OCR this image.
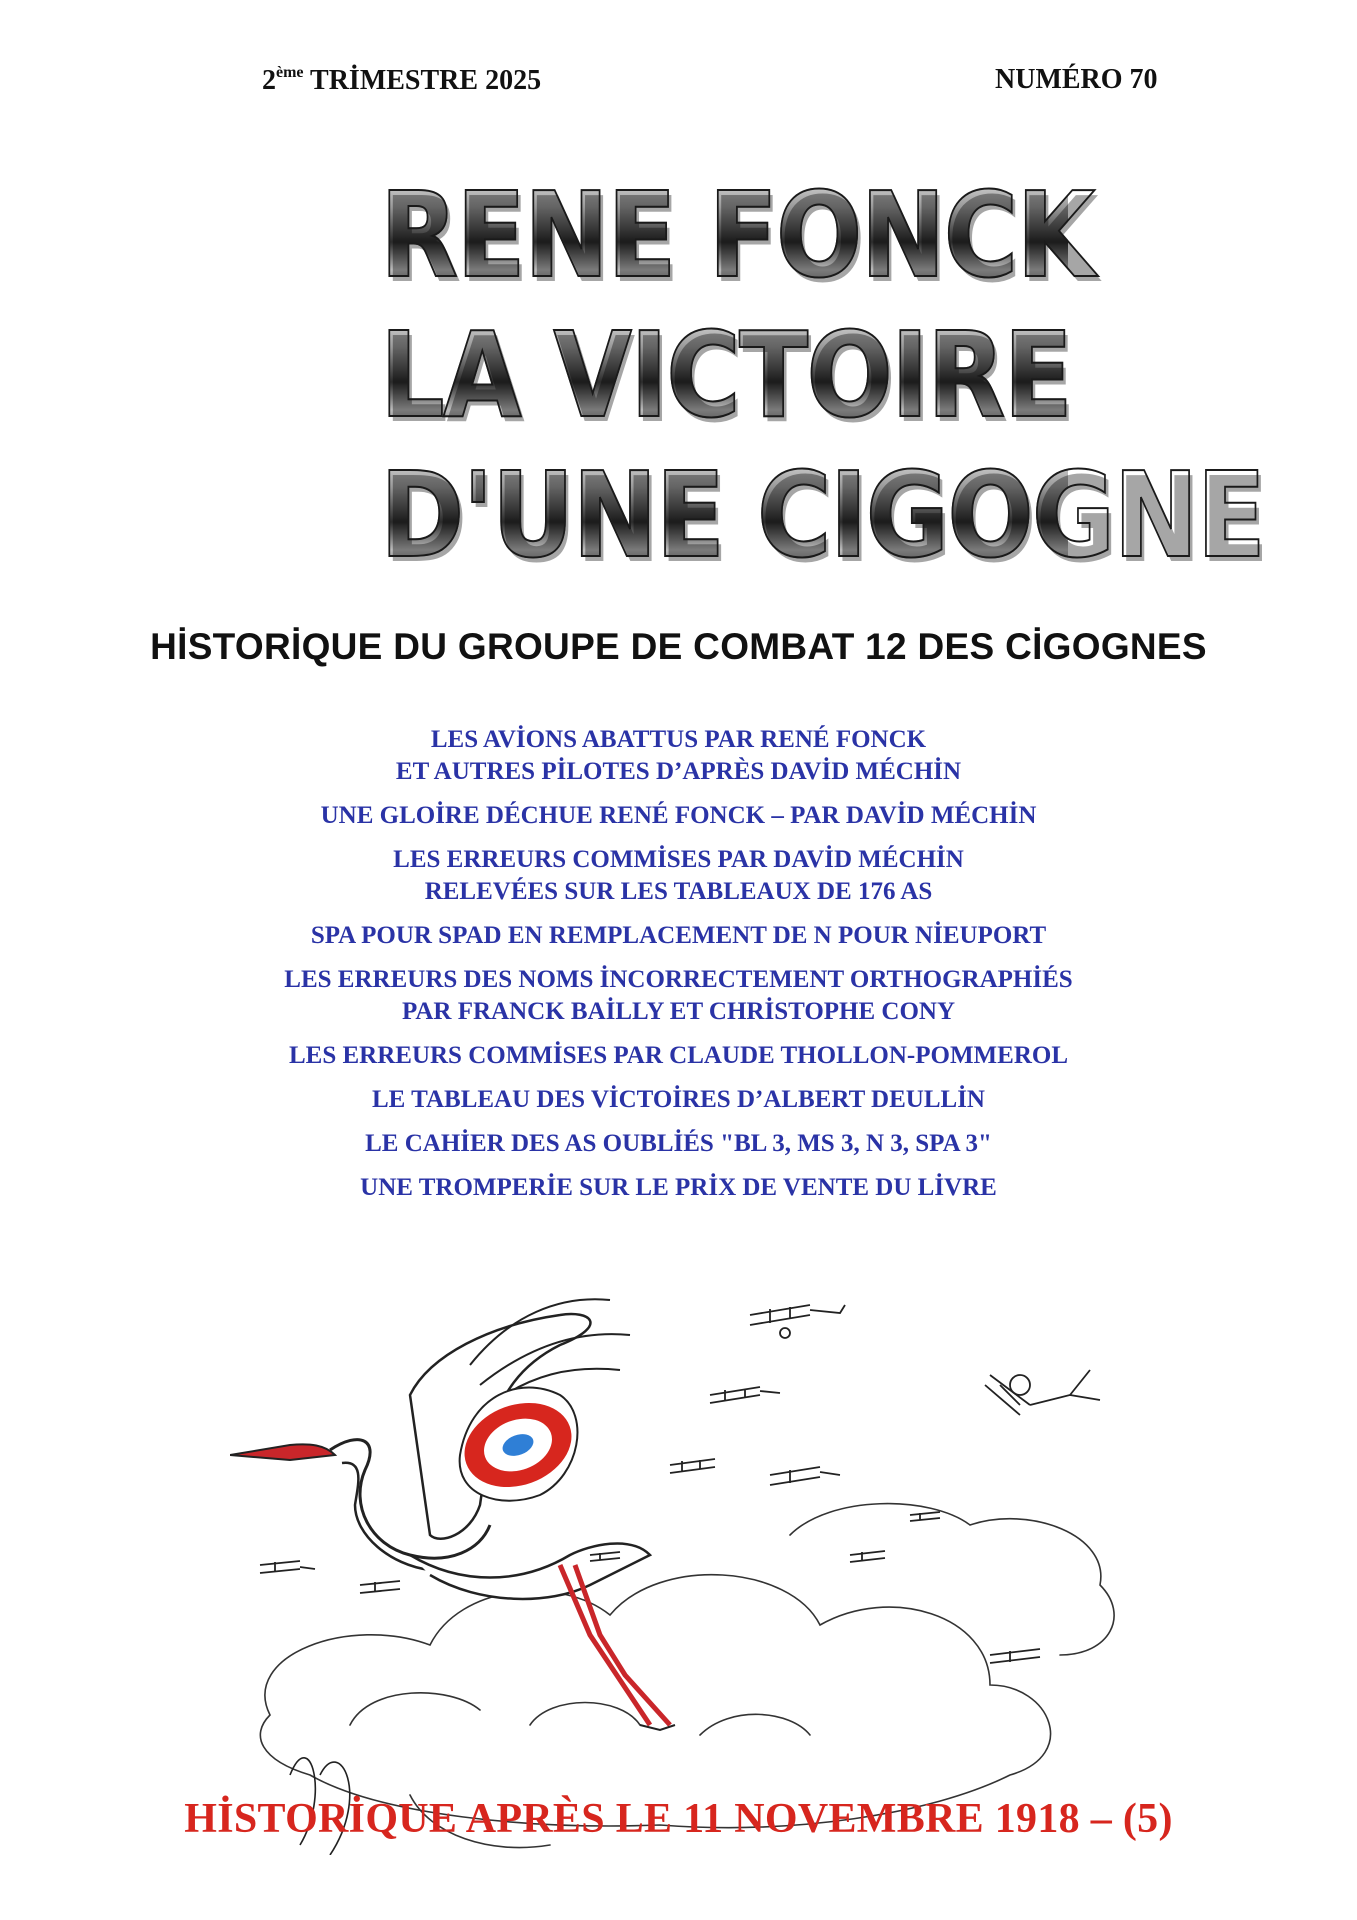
2ème TRİMESTRE 2025	NUMÉRO 70
RENE FONCK
LA VICTOIRE
D'UNE CIGOGNE
HİSTORİQUE DU GROUPE DE COMBAT 12 DES CİGOGNES
LES AVİONS ABATTUS PAR RENÉ FONCK
ET AUTRES PİLOTES D’APRÈS DAVİD MÉCHİN
UNE GLOİRE DÉCHUE RENÉ FONCK – PAR DAVİD MÉCHİN
LES ERREURS COMMİSES PAR DAVİD MÉCHİN
RELEVÉES SUR LES TABLEAUX DE 176 AS
SPA POUR SPAD EN REMPLACEMENT DE N POUR NİEUPORT
LES ERREURS DES NOMS İNCORRECTEMENT ORTHOGRAPHİÉS
PAR FRANCK BAİLLY ET CHRİSTOPHE CONY
LES ERREURS COMMİSES PAR CLAUDE THOLLON-POMMEROL
LE TABLEAU DES VİCTOİRES D’ALBERT DEULLİN
LE CAHİER DES AS OUBLİÉS "BL 3, MS 3, N 3, SPA 3"
UNE TROMPERİE SUR LE PRİX DE VENTE DU LİVRE
HİSTORİQUE APRÈS LE 11 NOVEMBRE 1918 – (5)
